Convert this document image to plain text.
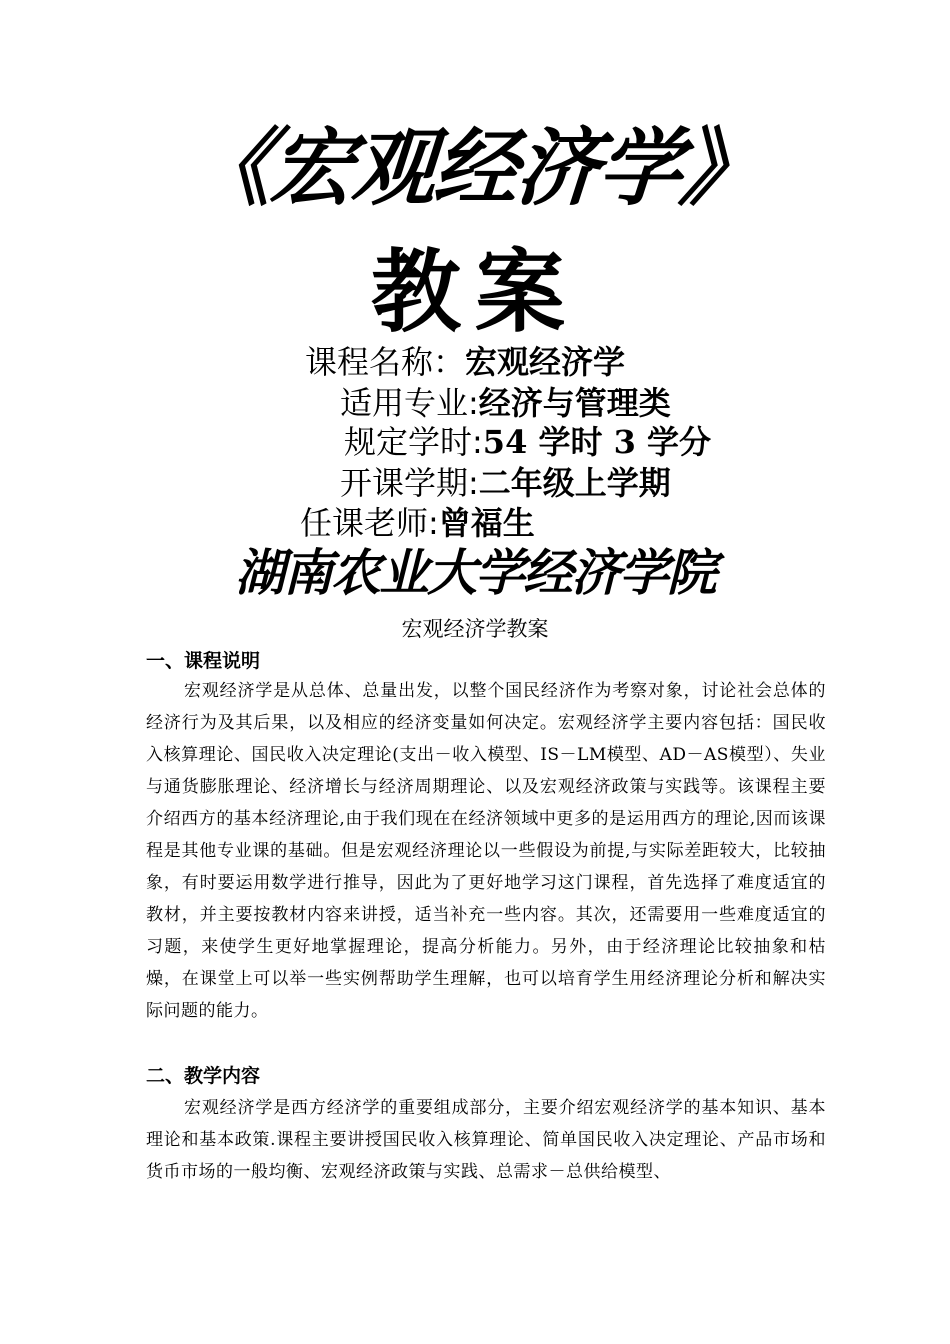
《宏观经济学》
教案
课程名称：宏观经济学
适用专业:经济与管理类
规定学时:54 学时 3 学分
开课学期:二年级上学期
任课老师:曾福生
湖南农业大学经济学院
宏观经济学教案
一、课程说明
宏观经济学是从总体、总量出发，以整个国民经济作为考察对象，讨论社会总体的经济行为及其后果，以及相应的经济变量如何决定。宏观经济学主要内容包括：国民收入核算理论、国民收入决定理论(支出－收入模型、IS－LM模型、AD－AS模型）、失业与通货膨胀理论、经济增长与经济周期理论、以及宏观经济政策与实践等。该课程主要介绍西方的基本经济理论,由于我们现在在经济领域中更多的是运用西方的理论,因而该课程是其他专业课的基础。但是宏观经济理论以一些假设为前提,与实际差距较大，比较抽象，有时要运用数学进行推导，因此为了更好地学习这门课程，首先选择了难度适宜的教材，并主要按教材内容来讲授，适当补充一些内容。其次，还需要用一些难度适宜的习题，来使学生更好地掌握理论，提高分析能力。另外，由于经济理论比较抽象和枯燥，在课堂上可以举一些实例帮助学生理解，也可以培育学生用经济理论分析和解决实际问题的能力。
二、教学内容
宏观经济学是西方经济学的重要组成部分，主要介绍宏观经济学的基本知识、基本理论和基本政策.课程主要讲授国民收入核算理论、简单国民收入决定理论、产品市场和货币市场的一般均衡、宏观经济政策与实践、总需求－总供给模型、
